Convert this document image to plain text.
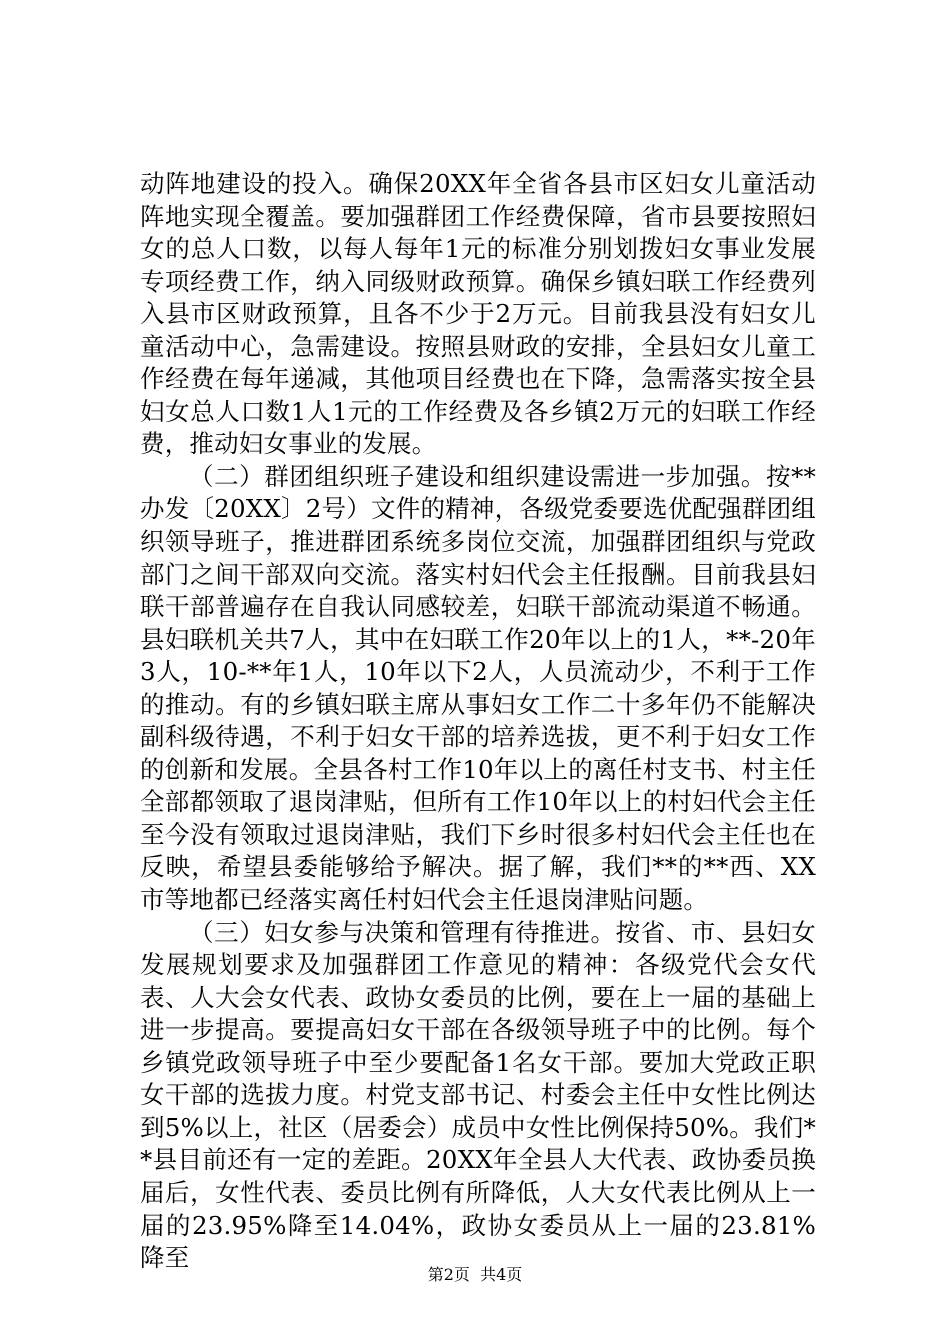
动阵地建设的投入。确保20XX年全省各县市区妇女儿童活动阵地实现全覆盖。要加强群团工作经费保障，省市县要按照妇女的总人口数，以每人每年1元的标准分别划拨妇女事业发展专项经费工作，纳入同级财政预算。确保乡镇妇联工作经费列入县市区财政预算，且各不少于2万元。目前我县没有妇女儿童活动中心，急需建设。按照县财政的安排，全县妇女儿童工作经费在每年递减，其他项目经费也在下降，急需落实按全县妇女总人口数1人1元的工作经费及各乡镇2万元的妇联工作经费，推动妇女事业的发展。

（二）群团组织班子建设和组织建设需进一步加强。按**办发〔20XX〕2号）文件的精神，各级党委要选优配强群团组织领导班子，推进群团系统多岗位交流，加强群团组织与党政部门之间干部双向交流。落实村妇代会主任报酬。目前我县妇联干部普遍存在自我认同感较差，妇联干部流动渠道不畅通。县妇联机关共7人，其中在妇联工作20年以上的1人，**-20年3人，10-**年1人，10年以下2人，人员流动少，不利于工作的推动。有的乡镇妇联主席从事妇女工作二十多年仍不能解决副科级待遇，不利于妇女干部的培养选拔，更不利于妇女工作的创新和发展。全县各村工作10年以上的离任村支书、村主任全部都领取了退岗津贴，但所有工作10年以上的村妇代会主任至今没有领取过退岗津贴，我们下乡时很多村妇代会主任也在反映，希望县委能够给予解决。据了解，我们**的**西、XX市等地都已经落实离任村妇代会主任退岗津贴问题。

（三）妇女参与决策和管理有待推进。按省、市、县妇女发展规划要求及加强群团工作意见的精神：各级党代会女代表、人大会女代表、政协女委员的比例，要在上一届的基础上进一步提高。要提高妇女干部在各级领导班子中的比例。每个乡镇党政领导班子中至少要配备1名女干部。要加大党政正职女干部的选拔力度。村党支部书记、村委会主任中女性比例达到5%以上，社区（居委会）成员中女性比例保持50%。我们**县目前还有一定的差距。20XX年全县人大代表、政协委员换届后，女性代表、委员比例有所降低，人大女代表比例从上一届的23.95%降至14.04%，政协女委员从上一届的23.81%降至

第2页  共4页
